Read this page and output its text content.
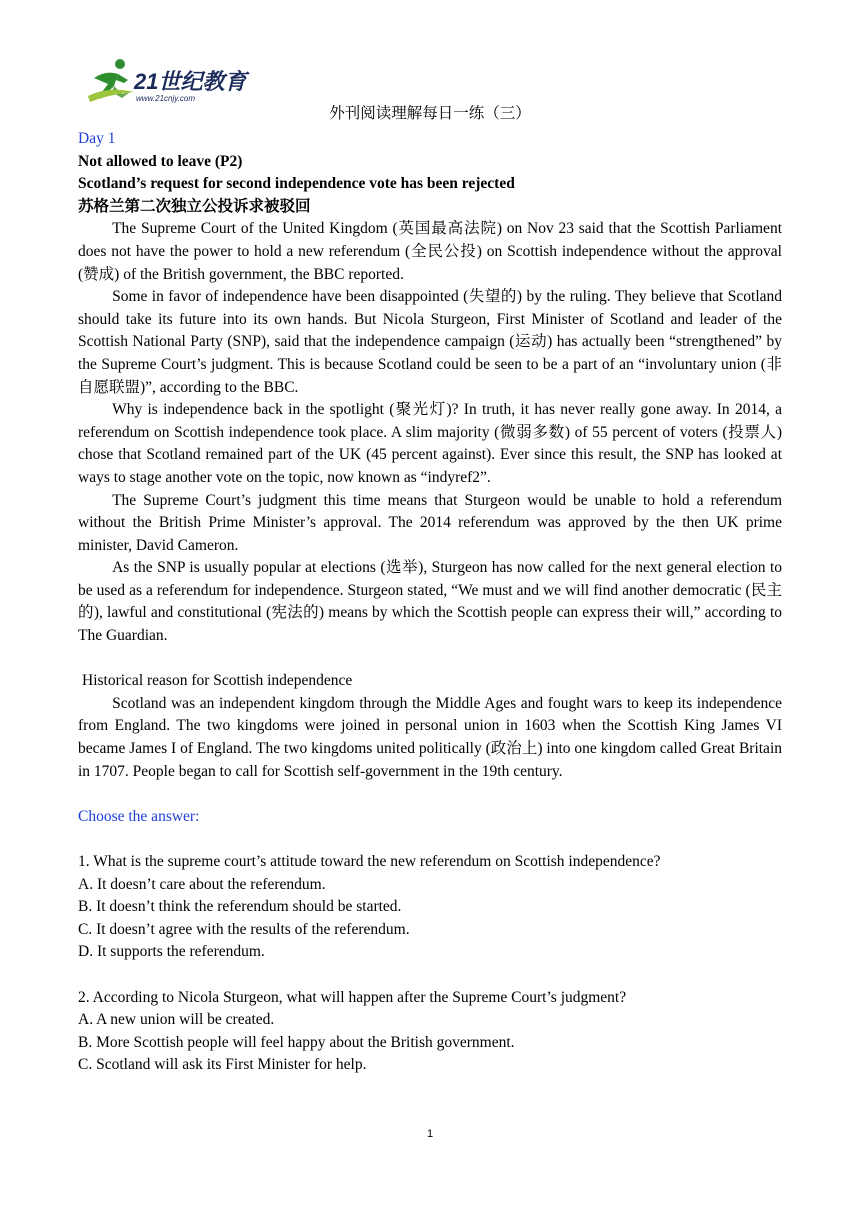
21世纪教育
www.21cnjy.com
外刊阅读理解每日一练（三）

Day 1

Not allowed to leave (P2)

Scotland’s request for second independence vote has been rejected

苏格兰第二次独立公投诉求被驳回

The Supreme Court of the United Kingdom (英国最高法院) on Nov 23 said that the Scottish Parliament does not have the power to hold a new referendum (全民公投) on Scottish independence without the approval (赞成) of the British government, the BBC reported.

Some in favor of independence have been disappointed (失望的) by the ruling. They believe that Scotland should take its future into its own hands. But Nicola Sturgeon, First Minister of Scotland and leader of the Scottish National Party (SNP), said that the independence campaign (运动) has actually been “strengthened” by the Supreme Court’s judgment. This is because Scotland could be seen to be a part of an “involuntary union (非自愿联盟)”, according to the BBC.

Why is independence back in the spotlight (聚光灯)? In truth, it has never really gone away. In 2014, a referendum on Scottish independence took place. A slim majority (微弱多数) of 55 percent of voters (投票人) chose that Scotland remained part of the UK (45 percent against). Ever since this result, the SNP has looked at ways to stage another vote on the topic, now known as “indyref2”.

The Supreme Court’s judgment this time means that Sturgeon would be unable to hold a referendum without the British Prime Minister’s approval. The 2014 referendum was approved by the then UK prime minister, David Cameron.

As the SNP is usually popular at elections (选举), Sturgeon has now called for the next general election to be used as a referendum for independence. Sturgeon stated, “We must and we will find another democratic (民主的), lawful and constitutional (宪法的) means by which the Scottish people can express their will,” according to The Guardian.

Historical reason for Scottish independence

Scotland was an independent kingdom through the Middle Ages and fought wars to keep its independence from England. The two kingdoms were joined in personal union in 1603 when the Scottish King James VI became James I of England. The two kingdoms united politically (政治上) into one kingdom called Great Britain in 1707. People began to call for Scottish self-government in the 19th century.

Choose the answer:

1. What is the supreme court’s attitude toward the new referendum on Scottish independence?

A. It doesn’t care about the referendum.

B. It doesn’t think the referendum should be started.

C. It doesn’t agree with the results of the referendum.

D. It supports the referendum.

2. According to Nicola Sturgeon, what will happen after the Supreme Court’s judgment?

A. A new union will be created.

B. More Scottish people will feel happy about the British government.

C. Scotland will ask its First Minister for help.

1
